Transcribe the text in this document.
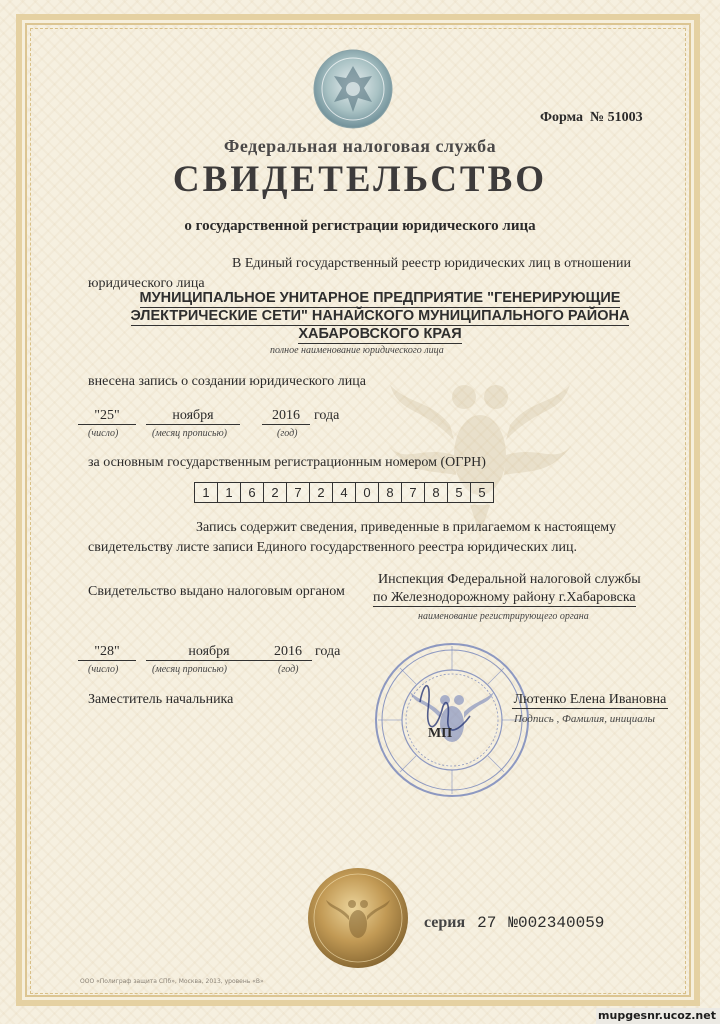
Форма № 51003
Федеральная налоговая служба
СВИДЕТЕЛЬСТВО
о государственной регистрации юридического лица
В Единый государственный реестр юридических лиц в отношении
юридического лица
МУНИЦИПАЛЬНОЕ УНИТАРНОЕ ПРЕДПРИЯТИЕ "ГЕНЕРИРУЮЩИЕ
ЭЛЕКТРИЧЕСКИЕ СЕТИ" НАНАЙСКОГО МУНИЦИПАЛЬНОГО РАЙОНА
ХАБАРОВСКОГО КРАЯ
полное наименование юридического лица
внесена запись о создании юридического лица
"25"	ноября	2016	года
(число)	(месяц прописью)	(год)
за основным государственным регистрационным номером (ОГРН)
1	1	6	2	7	2	4	0	8	7	8	5	5
Запись содержит сведения, приведенные в прилагаемом к настоящему
свидетельству листе записи Единого государственного реестра юридических лиц.
Свидетельство выдано налоговым органом
Инспекция Федеральной налоговой службы
по Железнодорожному району г.Хабаровска
наименование регистрирующего органа
"28"	ноября	2016 года
(число)	(месяц прописью)	(год)
Заместитель начальника	Лютенко Елена Ивановна
Подпись , Фамилия, инициалы
МП
серия 27 №002340059
ООО «Полиграф защита СПб», Москва, 2013, уровень «В»
mupgesnr.ucoz.net
